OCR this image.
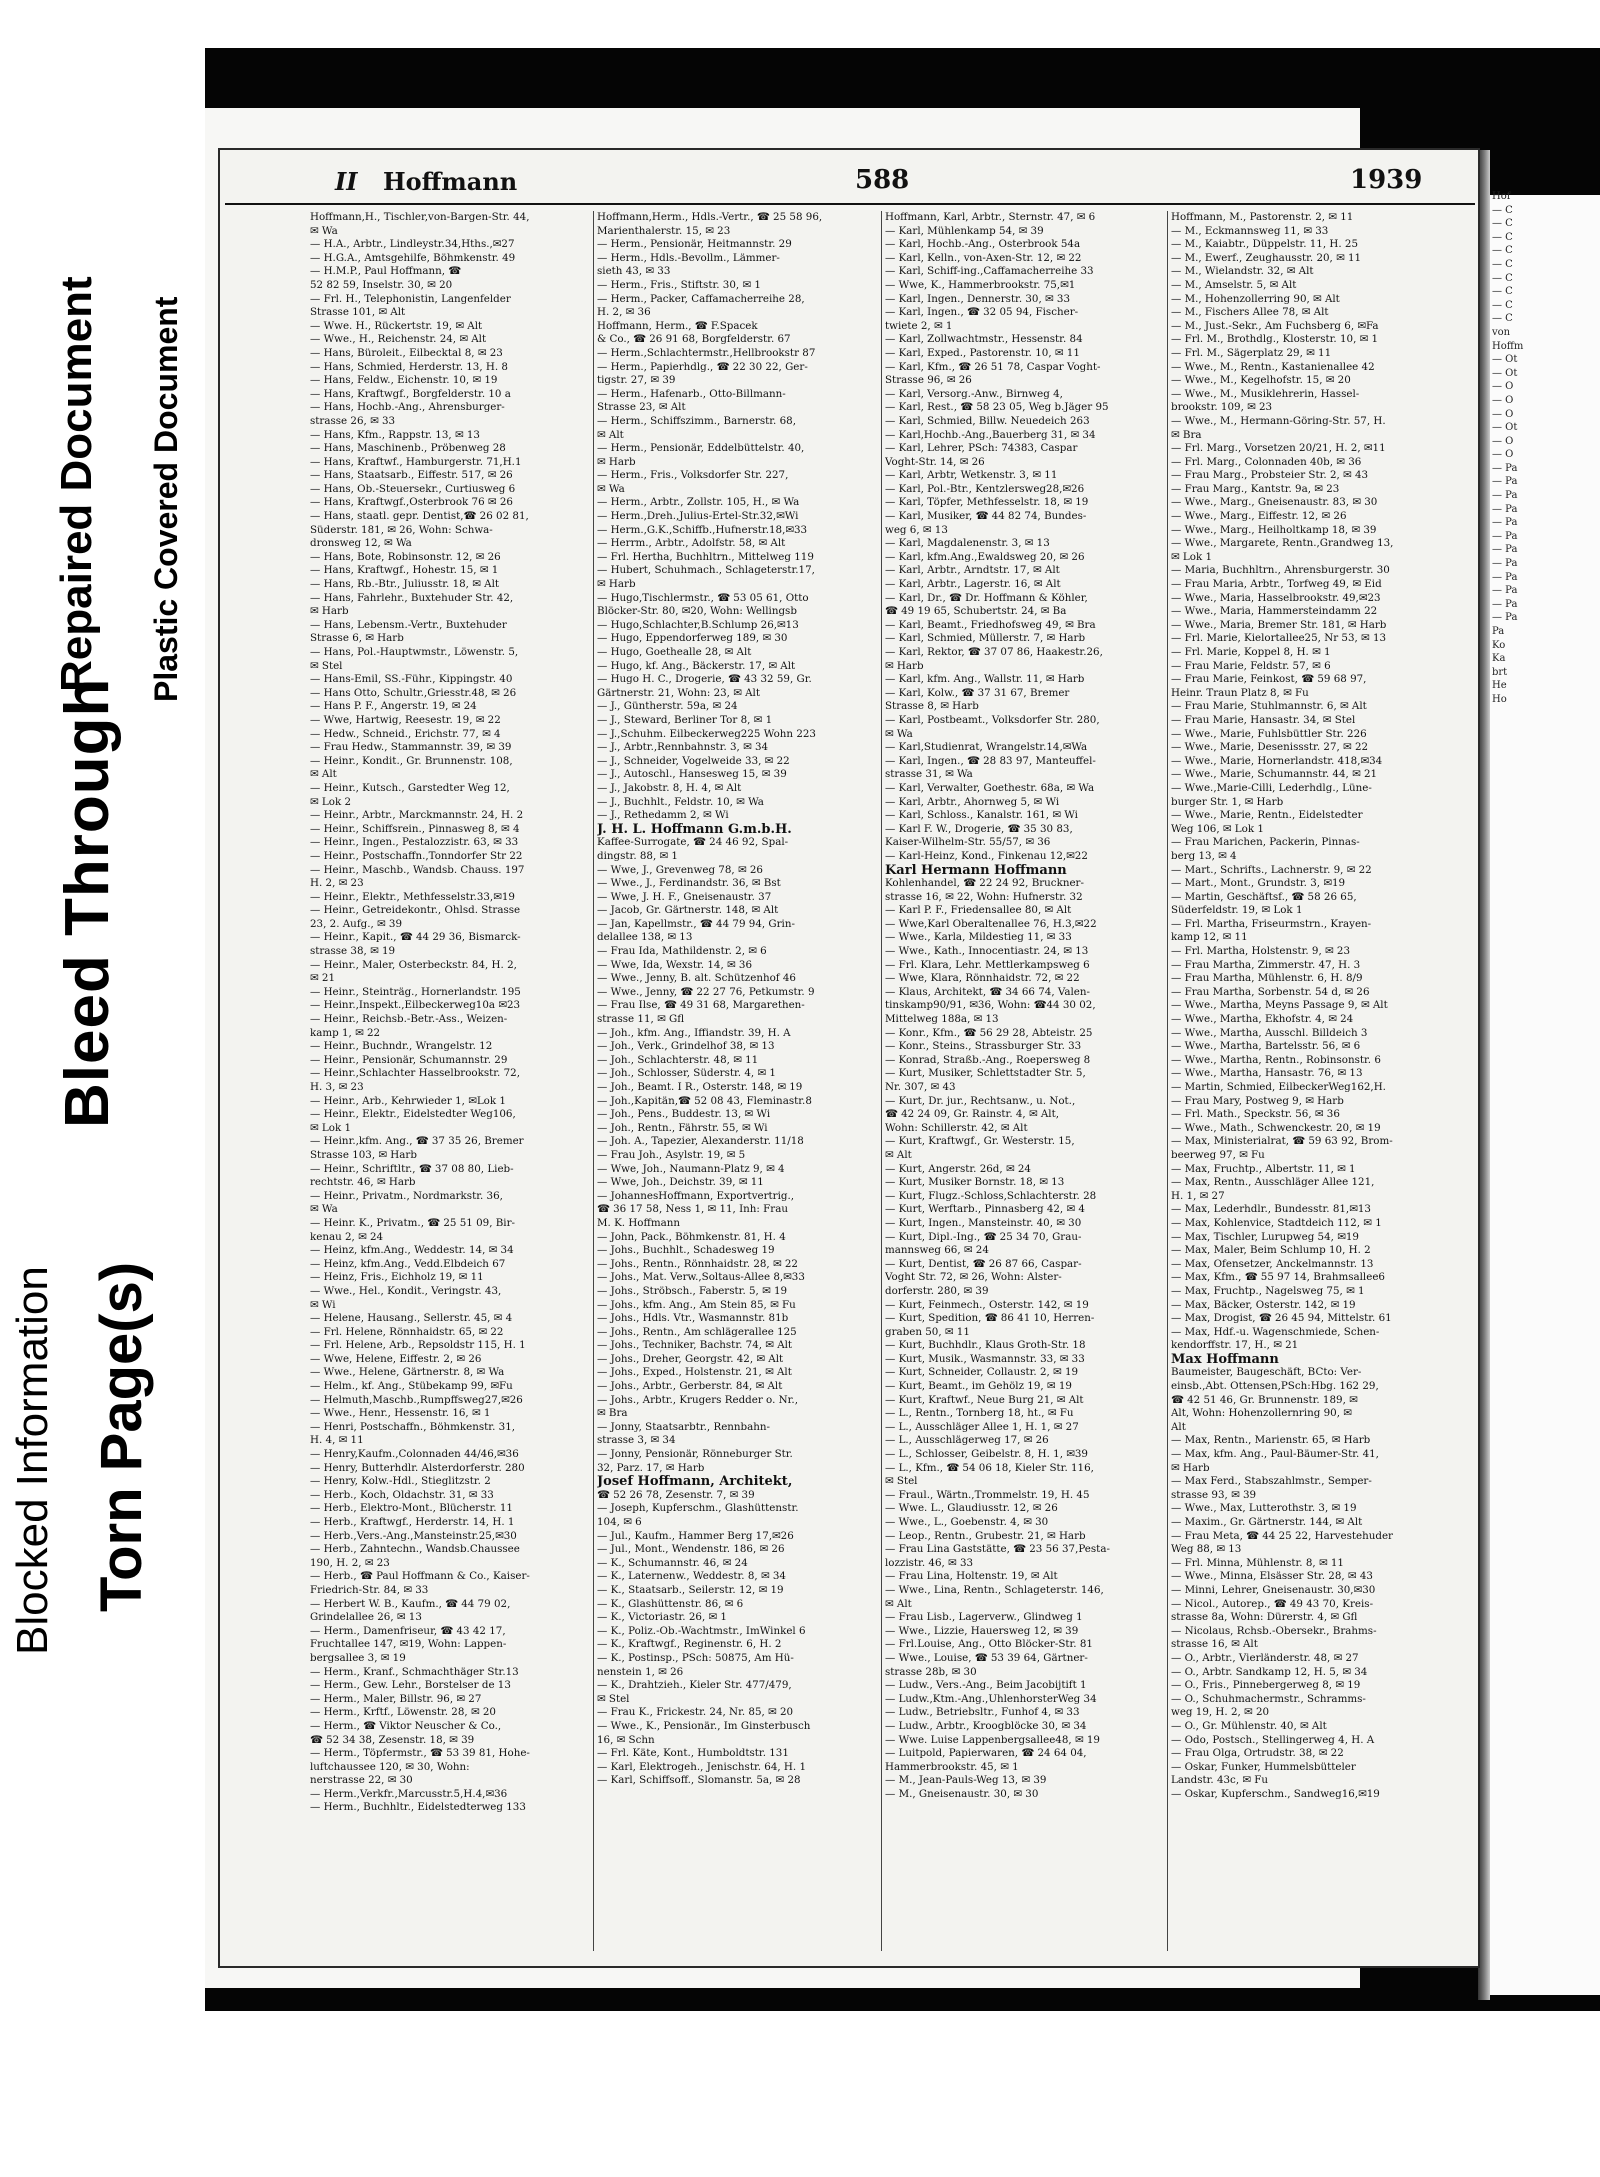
Blocked Information Torn Page(s)
Bleed Through
Repaired Document Plastic Covered Document
II Hoffmann	588	1939
Hoffmann,H., Tischler,von-Bargen-Str. 44,
✉ Wa
— H.A., Arbtr., Lindleystr.34,Hths.,✉27
— H.G.A., Amtsgehilfe, Böhmkenstr. 49
— H.M.P., Paul Hoffmann, ☎
52 82 59, Inselstr. 30, ✉ 20
— Frl. H., Telephonistin, Langenfelder
Strasse 101, ✉ Alt
— Wwe. H., Rückertstr. 19, ✉ Alt
— Wwe., H., Reichenstr. 24, ✉ Alt
— Hans, Büroleit., Eilbecktal 8, ✉ 23
— Hans, Schmied, Herderstr. 13, H. 8
— Hans, Feldw., Eichenstr. 10, ✉ 19
— Hans, Kraftwgf., Borgfelderstr. 10 a
— Hans, Hochb.-Ang., Ahrensburger-
strasse 26, ✉ 33
— Hans, Kfm., Rappstr. 13, ✉ 13
— Hans, Maschinenb., Pröbenweg 28
— Hans, Kraftwf., Hamburgerstr. 71,H.1
— Hans, Staatsarb., Eiffestr. 517, ✉ 26
— Hans, Ob.-Steuersekr., Curtiusweg 6
— Hans, Kraftwgf.,Osterbrook 76 ✉ 26
— Hans, staatl. gepr. Dentist,☎ 26 02 81,
Süderstr. 181, ✉ 26, Wohn: Schwa-
dronsweg 12, ✉ Wa
— Hans, Bote, Robinsonstr. 12, ✉ 26
— Hans, Kraftwgf., Hohestr. 15, ✉ 1
— Hans, Rb.-Btr., Juliusstr. 18, ✉ Alt
— Hans, Fahrlehr., Buxtehuder Str. 42,
✉ Harb
— Hans, Lebensm.-Vertr., Buxtehuder
Strasse 6, ✉ Harb
— Hans, Pol.-Hauptwmstr., Löwenstr. 5,
✉ Stel
— Hans-Emil, SS.-Führ., Kippingstr. 40
— Hans Otto, Schultr.,Griesstr.48, ✉ 26
— Hans P. F., Angerstr. 19, ✉ 24
— Wwe, Hartwig, Reesestr. 19, ✉ 22
— Hedw., Schneid., Erichstr. 77, ✉ 4
— Frau Hedw., Stammannstr. 39, ✉ 39
— Heinr., Kondit., Gr. Brunnenstr. 108,
✉ Alt
— Heinr., Kutsch., Garstedter Weg 12,
✉ Lok 2
— Heinr., Arbtr., Marckmannstr. 24, H. 2
— Heinr., Schiffsrein., Pinnasweg 8, ✉ 4
— Heinr., Ingen., Pestalozzistr. 63, ✉ 33
— Heinr., Postschaffn.,Tonndorfer Str 22
— Heinr., Maschb., Wandsb. Chauss. 197
H. 2, ✉ 23
— Heinr., Elektr., Methfesselstr.33,✉19
— Heinr., Getreidekontr., Ohlsd. Strasse
23, 2. Aufg., ✉ 39
— Heinr., Kapit., ☎ 44 29 36, Bismarck-
strasse 38, ✉ 19
— Heinr., Maler, Osterbeckstr. 84, H. 2,
✉ 21
— Heinr., Steinträg., Hornerlandstr. 195
— Heinr.,Inspekt.,Eilbeckerweg10a ✉23
— Heinr., Reichsb.-Betr.-Ass., Weizen-
kamp 1, ✉ 22
— Heinr., Buchndr., Wrangelstr. 12
— Heinr., Pensionär, Schumannstr. 29
— Heinr.,Schlachter Hasselbrookstr. 72,
H. 3, ✉ 23
— Heinr., Arb., Kehrwieder 1, ✉Lok 1
— Heinr., Elektr., Eidelstedter Weg106,
✉ Lok 1
— Heinr.,kfm. Ang., ☎ 37 35 26, Bremer
Strasse 103, ✉ Harb
— Heinr., Schriftltr., ☎ 37 08 80, Lieb-
rechtstr. 46, ✉ Harb
— Heinr., Privatm., Nordmarkstr. 36,
✉ Wa
— Heinr. K., Privatm., ☎ 25 51 09, Bir-
kenau 2, ✉ 24
— Heinz, kfm.Ang., Weddestr. 14, ✉ 34
— Heinz, kfm.Ang., Vedd.Elbdeich 67
— Heinz, Fris., Eichholz 19, ✉ 11
— Wwe., Hel., Kondit., Veringstr. 43,
✉ Wi
— Helene, Hausang., Sellerstr. 45, ✉ 4
— Frl. Helene, Rönnhaidstr. 65, ✉ 22
— Frl. Helene, Arb., Repsoldstr 115, H. 1
— Wwe, Helene, Eiffestr. 2, ✉ 26
— Wwe., Helene, Gärtnerstr. 8, ✉ Wa
— Helm., kf. Ang., Stübekamp 99, ✉Fu
— Helmuth,Maschb.,Rumpffsweg27,✉26
— Wwe., Henr., Hessenstr. 16, ✉ 1
— Henri, Postschaffn., Böhmkenstr. 31,
H. 4, ✉ 11
— Henry,Kaufm.,Colonnaden 44/46,✉36
— Henry, Butterhdlr. Alsterdorferstr. 280
— Henry, Kolw.-Hdl., Stieglitzstr. 2
— Herb., Koch, Oldachstr. 31, ✉ 33
— Herb., Elektro-Mont., Blücherstr. 11
— Herb., Kraftwgf., Herderstr. 14, H. 1
— Herb.,Vers.-Ang.,Mansteinstr.25,✉30
— Herb., Zahntechn., Wandsb.Chaussee
190, H. 2, ✉ 23
— Herb., ☎ Paul Hoffmann & Co., Kaiser-
Friedrich-Str. 84, ✉ 33
— Herbert W. B., Kaufm., ☎ 44 79 02,
Grindelallee 26, ✉ 13
— Herm., Damenfriseur, ☎ 43 42 17,
Fruchtallee 147, ✉19, Wohn: Lappen-
bergsallee 3, ✉ 19
— Herm., Kranf., Schmachthäger Str.13
— Herm., Gew. Lehr., Borstelser de 13
— Herm., Maler, Billstr. 96, ✉ 27
— Herm., Krftf., Löwenstr. 28, ✉ 20
— Herm., ☎ Viktor Neuscher & Co.,
☎ 52 34 38, Zesenstr. 18, ✉ 39
— Herm., Töpfermstr., ☎ 53 39 81, Hohe-
luftchaussee 120, ✉ 30, Wohn:
nerstrasse 22, ✉ 30
— Herm.,Verkfr.,Marcusstr.5,H.4,✉36
— Herm., Buchhltr., Eidelstedterweg 133
Hoffmann,Herm., Hdls.-Vertr., ☎ 25 58 96,
Marienthalerstr. 15, ✉ 23
— Herm., Pensionär, Heitmannstr. 29
— Herm., Hdls.-Bevollm., Lämmer-
sieth 43, ✉ 33
— Herm., Fris., Stiftstr. 30, ✉ 1
— Herm., Packer, Caffamacherreihe 28,
H. 2, ✉ 36
Hoffmann, Herm., ☎ F.Spacek
& Co., ☎ 26 91 68, Borgfelderstr. 67
— Herm.,Schlachtermstr.,Hellbrookstr 87
— Herm., Papierhdlg., ☎ 22 30 22, Ger-
tigstr. 27, ✉ 39
— Herm., Hafenarb., Otto-Billmann-
Strasse 23, ✉ Alt
— Herm., Schiffszimm., Barnerstr. 68,
✉ Alt
— Herm., Pensionär, Eddelbüttelstr. 40,
✉ Harb
— Herm., Fris., Volksdorfer Str. 227,
✉ Wa
— Herm., Arbtr., Zollstr. 105, H., ✉ Wa
— Herm.,Dreh.,Julius-Ertel-Str.32,✉Wi
— Herm.,G.K.,Schiffb.,Hufnerstr.18,✉33
— Herrm., Arbtr., Adolfstr. 58, ✉ Alt
— Frl. Hertha, Buchhltrn., Mittelweg 119
— Hubert, Schuhmach., Schlageterstr.17,
✉ Harb
— Hugo,Tischlermstr., ☎ 53 05 61, Otto
Blöcker-Str. 80, ✉20, Wohn: Wellingsb
— Hugo,Schlachter,B.Schlump 26,✉13
— Hugo, Eppendorferweg 189, ✉ 30
— Hugo, Goethealle 28, ✉ Alt
— Hugo, kf. Ang., Bäckerstr. 17, ✉ Alt
— Hugo H. C., Drogerie, ☎ 43 32 59, Gr.
Gärtnerstr. 21, Wohn: 23, ✉ Alt
— J., Güntherstr. 59a, ✉ 24
— J., Steward, Berliner Tor 8, ✉ 1
— J.,Schuhm. Eilbeckerweg225 Wohn 223
— J., Arbtr.,Rennbahnstr. 3, ✉ 34
— J., Schneider, Vogelweide 33, ✉ 22
— J., Autoschl., Hansesweg 15, ✉ 39
— J., Jakobstr. 8, H. 4, ✉ Alt
— J., Buchhlt., Feldstr. 10, ✉ Wa
— J., Rethedamm 2, ✉ Wi
J. H. L. Hoffmann G.m.b.H.
Kaffee-Surrogate, ☎ 24 46 92, Spal-
dingstr. 88, ✉ 1
— Wwe, J., Grevenweg 78, ✉ 26
— Wwe., J., Ferdinandstr. 36, ✉ Bst
— Wwe, J. H. F., Gneisenaustr. 37
— Jacob, Gr. Gärtnerstr. 148, ✉ Alt
— Jan, Kapellmstr., ☎ 44 79 94, Grin-
delallee 138, ✉ 13
— Frau Ida, Mathildenstr. 2, ✉ 6
— Wwe, Ida, Wexstr. 14, ✉ 36
— Wwe., Jenny, B. alt. Schützenhof 46
— Wwe., Jenny, ☎ 22 27 76, Petkumstr. 9
— Frau Ilse, ☎ 49 31 68, Margarethen-
strasse 11, ✉ Gfl
— Joh., kfm. Ang., Iffiandstr. 39, H. A
— Joh., Verk., Grindelhof 38, ✉ 13
— Joh., Schlachterstr. 48, ✉ 11
— Joh., Schlosser, Süderstr. 4, ✉ 1
— Joh., Beamt. I R., Osterstr. 148, ✉ 19
— Joh.,Kapitän,☎ 52 08 43, Fleminastr.8
— Joh., Pens., Buddestr. 13, ✉ Wi
— Joh., Rentn., Fährstr. 55, ✉ Wi
— Joh. A., Tapezier, Alexanderstr. 11/18
— Frau Joh., Asylstr. 19, ✉ 5
— Wwe, Joh., Naumann-Platz 9, ✉ 4
— Wwe, Joh., Deichstr. 39, ✉ 11
— JohannesHoffmann, Exportvertrig.,
☎ 36 17 58, Ness 1, ✉ 11, Inh: Frau
M. K. Hoffmann
— John, Pack., Böhmkenstr. 81, H. 4
— Johs., Buchhlt., Schadesweg 19
— Johs., Rentn., Rönnhaidstr. 28, ✉ 22
— Johs., Mat. Verw.,Soltaus-Allee 8,✉33
— Johs., Ströbsch., Faberstr. 5, ✉ 19
— Johs., kfm. Ang., Am Stein 85, ✉ Fu
— Johs., Hdls. Vtr., Wasmannstr. 81b
— Johs., Rentn., Am schlägerallee 125
— Johs., Techniker, Bachstr. 74, ✉ Alt
— Johs., Dreher, Georgstr. 42, ✉ Alt
— Johs., Exped., Holstenstr. 21, ✉ Alt
— Johs., Arbtr., Gerberstr. 84, ✉ Alt
— Johs., Arbtr., Krugers Redder o. Nr.,
✉ Bra
— Jonny, Staatsarbtr., Rennbahn-
strasse 3, ✉ 34
— Jonny, Pensionär, Rönneburger Str.
32, Parz. 17, ✉ Harb
Josef Hoffmann, Architekt,
☎ 52 26 78, Zesenstr. 7, ✉ 39
— Joseph, Kupferschm., Glashüttenstr.
104, ✉ 6
— Jul., Kaufm., Hammer Berg 17,✉26
— Jul., Mont., Wendenstr. 186, ✉ 26
— K., Schumannstr. 46, ✉ 24
— K., Laternenw., Weddestr. 8, ✉ 34
— K., Staatsarb., Seilerstr. 12, ✉ 19
— K., Glashüttenstr. 86, ✉ 6
— K., Victoriastr. 26, ✉ 1
— K., Poliz.-Ob.-Wachtmstr., ImWinkel 6
— K., Kraftwgf., Reginenstr. 6, H. 2
— K., Postinsp., PSch: 50875, Am Hü-
nenstein 1, ✉ 26
— K., Drahtzieh., Kieler Str. 477/479,
✉ Stel
— Frau K., Frickestr. 24, Nr. 85, ✉ 20
— Wwe., K., Pensionär., Im Ginsterbusch
16, ✉ Schn
— Frl. Käte, Kont., Humboldtstr. 131
— Karl, Elektrogeh., Jenischstr. 64, H. 1
— Karl, Schiffsoff., Slomanstr. 5a, ✉ 28
Hoffmann, Karl, Arbtr., Sternstr. 47, ✉ 6
— Karl, Mühlenkamp 54, ✉ 39
— Karl, Hochb.-Ang., Osterbrook 54a
— Karl, Kelln., von-Axen-Str. 12, ✉ 22
— Karl, Schiff-ing.,Caffamacherreihe 33
— Wwe, K., Hammerbrookstr. 75,✉1
— Karl, Ingen., Dennerstr. 30, ✉ 33
— Karl, Ingen., ☎ 32 05 94, Fischer-
twiete 2, ✉ 1
— Karl, Zollwachtmstr., Hessenstr. 84
— Karl, Exped., Pastorenstr. 10, ✉ 11
— Karl, Kfm., ☎ 26 51 78, Caspar Voght-
Strasse 96, ✉ 26
— Karl, Versorg.-Anw., Birnweg 4,
— Karl, Rest., ☎ 58 23 05, Weg b.Jäger 95
— Karl, Schmied, Billw. Neuedeich 263
— Karl,Hochb.-Ang.,Bauerberg 31, ✉ 34
— Karl, Lehrer, PSch: 74383, Caspar
Voght-Str. 14, ✉ 26
— Karl, Arbtr, Wetkenstr. 3, ✉ 11
— Karl, Pol.-Btr., Kentzlersweg28,✉26
— Karl, Töpfer, Methfesselstr. 18, ✉ 19
— Karl, Musiker, ☎ 44 82 74, Bundes-
weg 6, ✉ 13
— Karl, Magdalenenstr. 3, ✉ 13
— Karl, kfm.Ang.,Ewaldsweg 20, ✉ 26
— Karl, Arbtr., Arndtstr. 17, ✉ Alt
— Karl, Arbtr., Lagerstr. 16, ✉ Alt
— Karl, Dr., ☎ Dr. Hoffmann & Köhler,
☎ 49 19 65, Schubertstr. 24, ✉ Ba
— Karl, Beamt., Friedhofsweg 49, ✉ Bra
— Karl, Schmied, Müllerstr. 7, ✉ Harb
— Karl, Rektor, ☎ 37 07 86, Haakestr.26,
✉ Harb
— Karl, kfm. Ang., Wallstr. 11, ✉ Harb
— Karl, Kolw., ☎ 37 31 67, Bremer
Strasse 8, ✉ Harb
— Karl, Postbeamt., Volksdorfer Str. 280,
✉ Wa
— Karl,Studienrat, Wrangelstr.14,✉Wa
— Karl, Ingen., ☎ 28 83 97, Manteuffel-
strasse 31, ✉ Wa
— Karl, Verwalter, Goethestr. 68a, ✉ Wa
— Karl, Arbtr., Ahornweg 5, ✉ Wi
— Karl, Schloss., Kanalstr. 161, ✉ Wi
— Karl F. W., Drogerie, ☎ 35 30 83,
Kaiser-Wilhelm-Str. 55/57, ✉ 36
— Karl-Heinz, Kond., Finkenau 12,✉22
Karl Hermann Hoffmann
Kohlenhandel, ☎ 22 24 92, Bruckner-
strasse 16, ✉ 22, Wohn: Hufnerstr. 32
— Karl P. F., Friedensallee 80, ✉ Alt
— Wwe,Karl Oberaltenallee 76, H.3,✉22
— Wwe., Karla, Mildestieg 11, ✉ 33
— Wwe., Kath., Innocentiastr. 24, ✉ 13
— Frl. Klara, Lehr. Mettlerkampsweg 6
— Wwe, Klara, Rönnhaidstr. 72, ✉ 22
— Klaus, Architekt, ☎ 34 66 74, Valen-
tinskamp90/91, ✉36, Wohn: ☎44 30 02,
Mittelweg 188a, ✉ 13
— Konr., Kfm., ☎ 56 29 28, Abteistr. 25
— Konr., Steins., Strassburger Str. 33
— Konrad, Straßb.-Ang., Roepersweg 8
— Kurt, Musiker, Schlettstadter Str. 5,
Nr. 307, ✉ 43
— Kurt, Dr. jur., Rechtsanw., u. Not.,
☎ 42 24 09, Gr. Rainstr. 4, ✉ Alt,
Wohn: Schillerstr. 42, ✉ Alt
— Kurt, Kraftwgf., Gr. Westerstr. 15,
✉ Alt
— Kurt, Angerstr. 26d, ✉ 24
— Kurt, Musiker Bornstr. 18, ✉ 13
— Kurt, Flugz.-Schloss,Schlachterstr. 28
— Kurt, Werftarb., Pinnasberg 42, ✉ 4
— Kurt, Ingen., Mansteinstr. 40, ✉ 30
— Kurt, Dipl.-Ing., ☎ 25 34 70, Grau-
mannsweg 66, ✉ 24
— Kurt, Dentist, ☎ 26 87 66, Caspar-
Voght Str. 72, ✉ 26, Wohn: Alster-
dorferstr. 280, ✉ 39
— Kurt, Feinmech., Osterstr. 142, ✉ 19
— Kurt, Spedition, ☎ 86 41 10, Herren-
graben 50, ✉ 11
— Kurt, Buchhdlr., Klaus Groth-Str. 18
— Kurt, Musik., Wasmannstr. 33, ✉ 33
— Kurt, Schneider, Collaustr. 2, ✉ 19
— Kurt, Beamt., im Gehölz 19, ✉ 19
— Kurt, Kraftwf., Neue Burg 21, ✉ Alt
— L., Rentn., Tornberg 18, ht., ✉ Fu
— L., Ausschläger Allee 1, H. 1, ✉ 27
— L., Ausschlägerweg 17, ✉ 26
— L., Schlosser, Geibelstr. 8, H. 1, ✉39
— L., Kfm., ☎ 54 06 18, Kieler Str. 116,
✉ Stel
— Fraul., Wärtn.,Trommelstr. 19, H. 45
— Wwe. L., Glaudiusstr. 12, ✉ 26
— Wwe., L., Goebenstr. 4, ✉ 30
— Leop., Rentn., Grubestr. 21, ✉ Harb
— Frau Lina Gaststätte, ☎ 23 56 37,Pesta-
lozzistr. 46, ✉ 33
— Frau Lina, Holtenstr. 19, ✉ Alt
— Wwe., Lina, Rentn., Schlageterstr. 146,
✉ Alt
— Frau Lisb., Lagerverw., Glindweg 1
— Wwe., Lizzie, Hauersweg 12, ✉ 39
— Frl.Louise, Ang., Otto Blöcker-Str. 81
— Wwe., Louise, ☎ 53 39 64, Gärtner-
strasse 28b, ✉ 30
— Ludw., Vers.-Ang., Beim Jacobijtift 1
— Ludw.,Ktm.-Ang.,UhlenhorsterWeg 34
— Ludw., Betriebsltr., Funhof 4, ✉ 33
— Ludw., Arbtr., Kroogblöcke 30, ✉ 34
— Wwe. Luise Lappenbergsallee48, ✉ 19
— Luitpold, Papierwaren, ☎ 24 64 04,
Hammerbrookstr. 45, ✉ 1
— M., Jean-Pauls-Weg 13, ✉ 39
— M., Gneisenaustr. 30, ✉ 30
Hoffmann, M., Pastorenstr. 2, ✉ 11
— M., Eckmannsweg 11, ✉ 33
— M., Kaiabtr., Düppelstr. 11, H. 25
— M., Ewerf., Zeughausstr. 20, ✉ 11
— M., Wielandstr. 32, ✉ Alt
— M., Amselstr. 5, ✉ Alt
— M., Hohenzollerring 90, ✉ Alt
— M., Fischers Allee 78, ✉ Alt
— M., Just.-Sekr., Am Fuchsberg 6, ✉Fa
— Frl. M., Brothdlg., Klosterstr. 10, ✉ 1
— Frl. M., Sägerplatz 29, ✉ 11
— Wwe., M., Rentn., Kastanienallee 42
— Wwe., M., Kegelhofstr. 15, ✉ 20
— Wwe., M., Musiklehrerin, Hassel-
brookstr. 109, ✉ 23
— Wwe., M., Hermann-Göring-Str. 57, H.
✉ Bra
— Frl. Marg., Vorsetzen 20/21, H. 2, ✉11
— Frl. Marg., Colonnaden 40b, ✉ 36
— Frau Marg., Probsteier Str. 2, ✉ 43
— Frau Marg., Kantstr. 9a, ✉ 23
— Wwe., Marg., Gneisenaustr. 83, ✉ 30
— Wwe., Marg., Eiffestr. 12, ✉ 26
— Wwe., Marg., Heilholtkamp 18, ✉ 39
— Wwe., Margarete, Rentn.,Grandweg 13,
✉ Lok 1
— Maria, Buchhltrn., Ahrensburgerstr. 30
— Frau Maria, Arbtr., Torfweg 49, ✉ Eid
— Wwe., Maria, Hasselbrookstr. 49,✉23
— Wwe., Maria, Hammersteindamm 22
— Wwe., Maria, Bremer Str. 181, ✉ Harb
— Frl. Marie, Kielortallee25, Nr 53, ✉ 13
— Frl. Marie, Koppel 8, H. ✉ 1
— Frau Marie, Feldstr. 57, ✉ 6
— Frau Marie, Feinkost, ☎ 59 68 97,
Heinr. Traun Platz 8, ✉ Fu
— Frau Marie, Stuhlmannstr. 6, ✉ Alt
— Frau Marie, Hansastr. 34, ✉ Stel
— Wwe., Marie, Fuhlsbüttler Str. 226
— Wwe., Marie, Desenissstr. 27, ✉ 22
— Wwe., Marie, Hornerlandstr. 418,✉34
— Wwe., Marie, Schumannstr. 44, ✉ 21
— Wwe.,Marie-Cilli, Lederhdlg., Lüne-
burger Str. 1, ✉ Harb
— Wwe., Marie, Rentn., Eidelstedter
Weg 106, ✉ Lok 1
— Frau Marichen, Packerin, Pinnas-
berg 13, ✉ 4
— Mart., Schrifts., Lachnerstr. 9, ✉ 22
— Mart., Mont., Grundstr. 3, ✉19
— Martin, Geschäftsf., ☎ 58 26 65,
Süderfeldstr. 19, ✉ Lok 1
— Frl. Martha, Friseurmstrn., Krayen-
kamp 12, ✉ 11
— Frl. Martha, Holstenstr. 9, ✉ 23
— Frau Martha, Zimmerstr. 47, H. 3
— Frau Martha, Mühlenstr. 6, H. 8/9
— Frau Martha, Sorbenstr. 54 d, ✉ 26
— Wwe., Martha, Meyns Passage 9, ✉ Alt
— Wwe., Martha, Ekhofstr. 4, ✉ 24
— Wwe., Martha, Ausschl. Billdeich 3
— Wwe., Martha, Bartelsstr. 56, ✉ 6
— Wwe., Martha, Rentn., Robinsonstr. 6
— Wwe., Martha, Hansastr. 76, ✉ 13
— Martin, Schmied, EilbeckerWeg162,H.
— Frau Mary, Postweg 9, ✉ Harb
— Frl. Math., Speckstr. 56, ✉ 36
— Wwe., Math., Schwenckestr. 20, ✉ 19
— Max, Ministerialrat, ☎ 59 63 92, Brom-
beerweg 97, ✉ Fu
— Max, Fruchtp., Albertstr. 11, ✉ 1
— Max, Rentn., Ausschläger Allee 121,
H. 1, ✉ 27
— Max, Lederhdlr., Bundesstr. 81,✉13
— Max, Kohlenvice, Stadtdeich 112, ✉ 1
— Max, Tischler, Lurupweg 54, ✉19
— Max, Maler, Beim Schlump 10, H. 2
— Max, Ofensetzer, Anckelmannstr. 13
— Max, Kfm., ☎ 55 97 14, Brahmsallee6
— Max, Fruchtp., Nagelsweg 75, ✉ 1
— Max, Bäcker, Osterstr. 142, ✉ 19
— Max, Drogist, ☎ 26 45 94, Mittelstr. 61
— Max, Hdf.-u. Wagenschmiede, Schen-
kendorffstr. 17, H., ✉ 21
Max Hoffmann
Baumeister, Baugeschäft, BCto: Ver-
einsb.,Abt. Ottensen,PSch:Hbg. 162 29,
☎ 42 51 46, Gr. Brunnenstr. 189, ✉
Alt, Wohn: Hohenzollernring 90, ✉
Alt
— Max, Rentn., Marienstr. 65, ✉ Harb
— Max, kfm. Ang., Paul-Bäumer-Str. 41,
✉ Harb
— Max Ferd., Stabszahlmstr., Semper-
strasse 93, ✉ 39
— Wwe., Max, Lutterothstr. 3, ✉ 19
— Maxim., Gr. Gärtnerstr. 144, ✉ Alt
— Frau Meta, ☎ 44 25 22, Harvestehuder
Weg 88, ✉ 13
— Frl. Minna, Mühlenstr. 8, ✉ 11
— Wwe., Minna, Elsässer Str. 28, ✉ 43
— Minni, Lehrer, Gneisenaustr. 30,✉30
— Nicol., Autorep., ☎ 49 43 70, Kreis-
strasse 8a, Wohn: Dürerstr. 4, ✉ Gfl
— Nicolaus, Rchsb.-Obersekr., Brahms-
strasse 16, ✉ Alt
— O., Arbtr., Vierländerstr. 48, ✉ 27
— O., Arbtr. Sandkamp 12, H. 5, ✉ 34
— O., Fris., Pinnebergerweg 8, ✉ 19
— O., Schuhmachermstr., Schramms-
weg 19, H. 2, ✉ 20
— O., Gr. Mühlenstr. 40, ✉ Alt
— Odo, Postsch., Stellingerweg 4, H. A
— Frau Olga, Ortrudstr. 38, ✉ 22
— Oskar, Funker, Hummelsbütteler
Landstr. 43c, ✉ Fu
— Oskar, Kupferschm., Sandweg16,✉19
Hof
— C
— C
— C
— C
— C
— C
— C
— C
— C
von
Hoffm
— Ot
— Ot
— O
— O
— O
— Ot
— O
— O
— Pa
— Pa
— Pa
— Pa
— Pa
— Pa
— Pa
— Pa
— Pa
— Pa
— Pa
— Pa
Pa
Ko
Ka
brt
He
Ho
